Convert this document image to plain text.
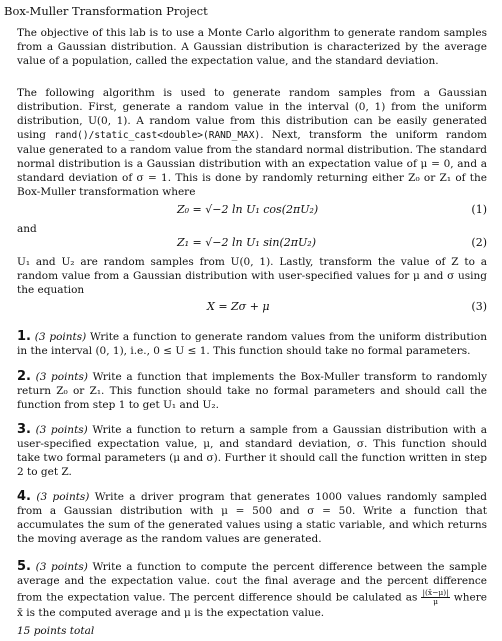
Box-Muller Transformation Project
The objective of this lab is to use a Monte Carlo algorithm to generate random samples from a Gaussian distribution. A Gaussian distribution is characterized by the average value of a population, called the expectation value, and the standard deviation.
The following algorithm is used to generate random samples from a Gaussian distribution. First, generate a random value in the interval (0, 1) from the uniform distribution, U(0, 1). A random value from this distribution can be easily generated using rand()/static_cast<double>(RAND_MAX). Next, transform the uniform random value generated to a random value from the standard normal distribution. The standard normal distribution is a Gaussian distribution with an expectation value of μ = 0, and a standard deviation of σ = 1. This is done by randomly returning either Z₀ or Z₁ of the Box-Muller transformation where
Z₀ = √−2 ln U₁ cos(2πU₂)	(1)
and
Z₁ = √−2 ln U₁ sin(2πU₂)	(2)
U₁ and U₂ are random samples from U(0, 1). Lastly, transform the value of Z to a random value from a Gaussian distribution with user-specified values for μ and σ using the equation
X = Zσ + μ	(3)
1. (3 points) Write a function to generate random values from the uniform distribution in the interval (0, 1), i.e., 0 ≤ U ≤ 1. This function should take no formal parameters.
2. (3 points) Write a function that implements the Box-Muller transform to randomly return Z₀ or Z₁. This function should take no formal parameters and should call the function from step 1 to get U₁ and U₂.
3. (3 points) Write a function to return a sample from a Gaussian distribution with a user-specified expectation value, μ, and standard deviation, σ. This function should take two formal parameters (μ and σ). Further it should call the function written in step 2 to get Z.
4. (3 points) Write a driver program that generates 1000 values randomly sampled from a Gaussian distribution with μ = 500 and σ = 50. Write a function that accumulates the sum of the generated values using a static variable, and which returns the moving average as the random values are generated.
5. (3 points) Write a function to compute the percent difference between the sample average and the expectation value. cout the final average and the percent difference from the expectation value. The percent difference should be calulated as $\frac{|(x̄-\mu)|}{\mu}$ where x̄ is the computed average and μ is the expectation value.
15 points total
